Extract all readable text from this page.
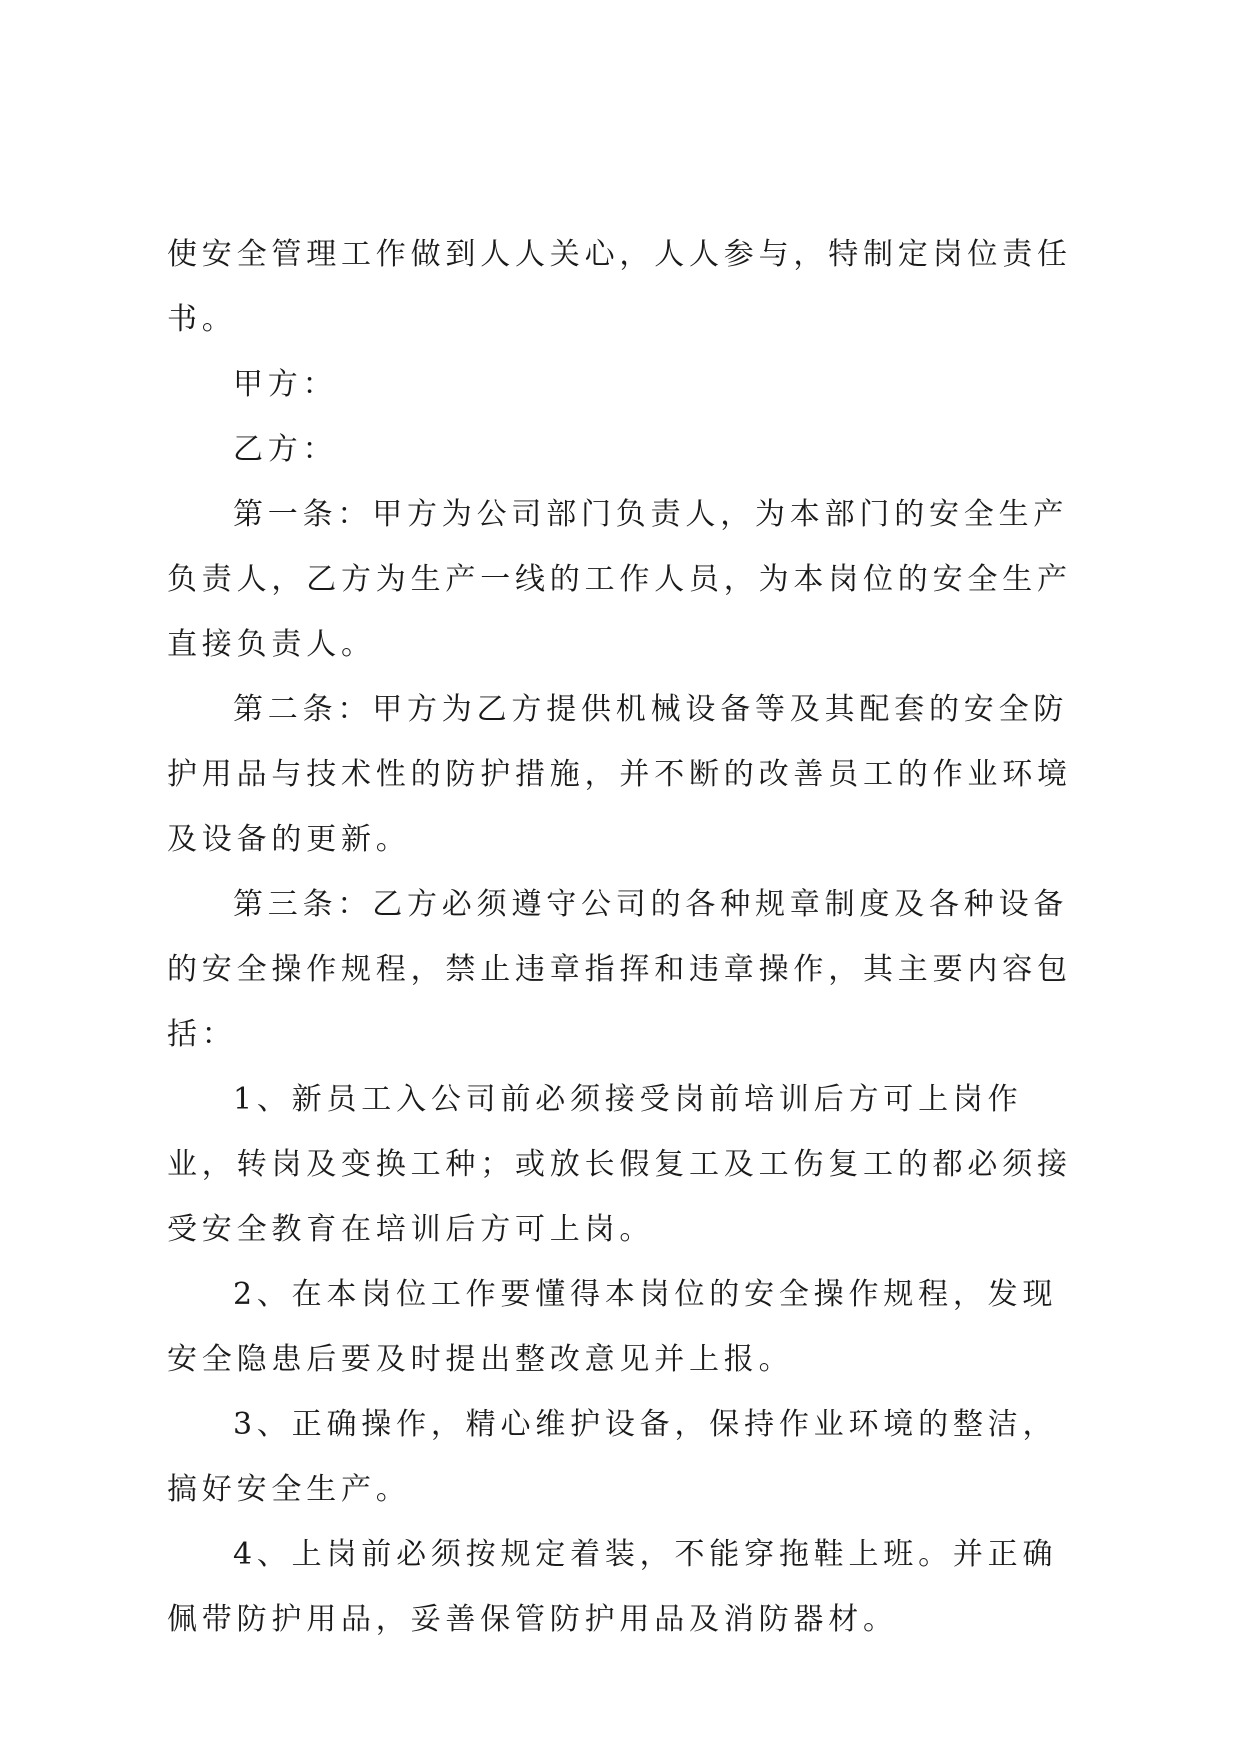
使安全管理工作做到人人关心，人人参与，特制定岗位责任书。

甲方：

乙方：

第一条：甲方为公司部门负责人，为本部门的安全生产负责人，乙方为生产一线的工作人员，为本岗位的安全生产直接负责人。

第二条：甲方为乙方提供机械设备等及其配套的安全防护用品与技术性的防护措施，并不断的改善员工的作业环境及设备的更新。

第三条：乙方必须遵守公司的各种规章制度及各种设备的安全操作规程，禁止违章指挥和违章操作，其主要内容包括：

1、新员工入公司前必须接受岗前培训后方可上岗作业，转岗及变换工种；或放长假复工及工伤复工的都必须接受安全教育在培训后方可上岗。

2、在本岗位工作要懂得本岗位的安全操作规程，发现安全隐患后要及时提出整改意见并上报。

3、正确操作，精心维护设备，保持作业环境的整洁，搞好安全生产。

4、上岗前必须按规定着装，不能穿拖鞋上班。并正确佩带防护用品，妥善保管防护用品及消防器材。
